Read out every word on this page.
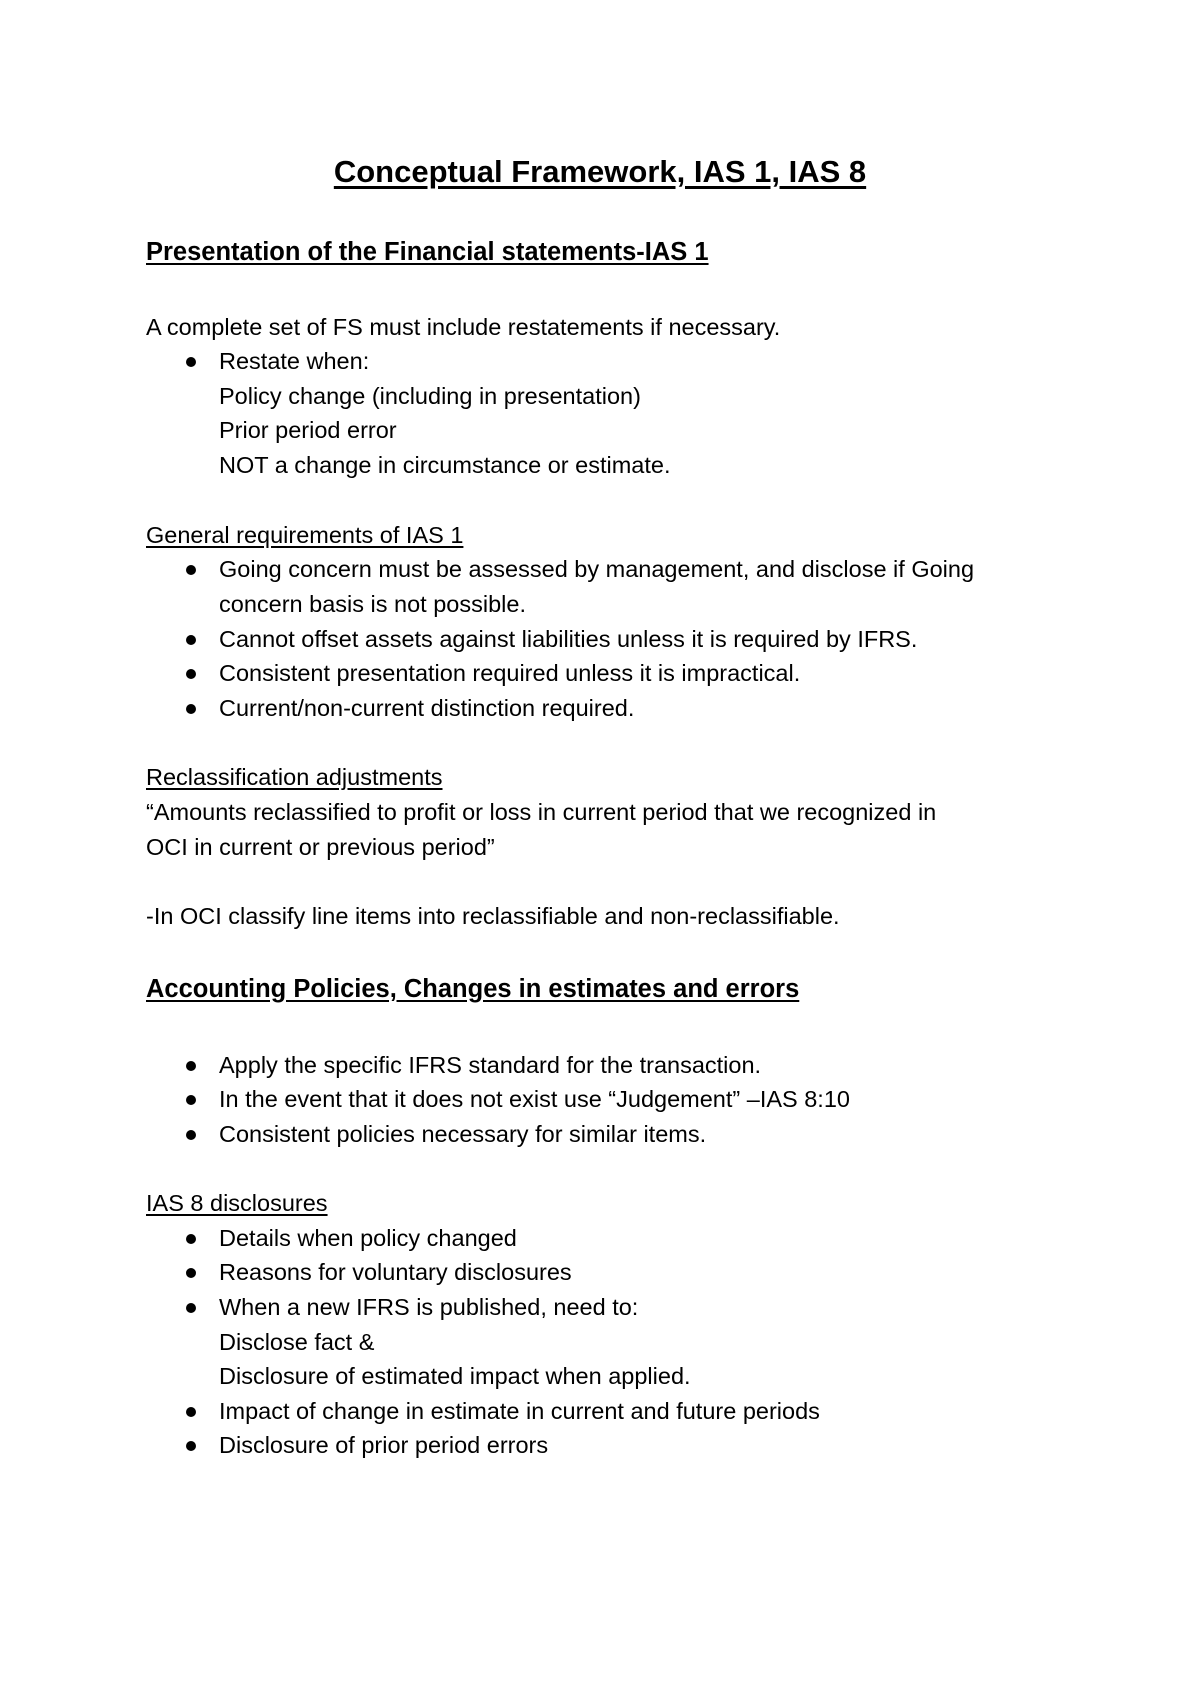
Conceptual Framework, IAS 1, IAS 8
Presentation of the Financial statements-IAS 1
A complete set of FS must include restatements if necessary.
Restate when:
Policy change (including in presentation)
Prior period error
NOT a change in circumstance or estimate.
General requirements of IAS 1
Going concern must be assessed by management, and disclose if Going
concern basis is not possible.
Cannot offset assets against liabilities unless it is required by IFRS.
Consistent presentation required unless it is impractical.
Current/non-current distinction required.
Reclassification adjustments
“Amounts reclassified to profit or loss in current period that we recognized in
OCI in current or previous period”
-In OCI classify line items into reclassifiable and non-reclassifiable.
Accounting Policies, Changes in estimates and errors
Apply the specific IFRS standard for the transaction.
In the event that it does not exist use “Judgement” –IAS 8:10
Consistent policies necessary for similar items.
IAS 8 disclosures
Details when policy changed
Reasons for voluntary disclosures
When a new IFRS is published, need to:
Disclose fact &
Disclosure of estimated impact when applied.
Impact of change in estimate in current and future periods
Disclosure of prior period errors
